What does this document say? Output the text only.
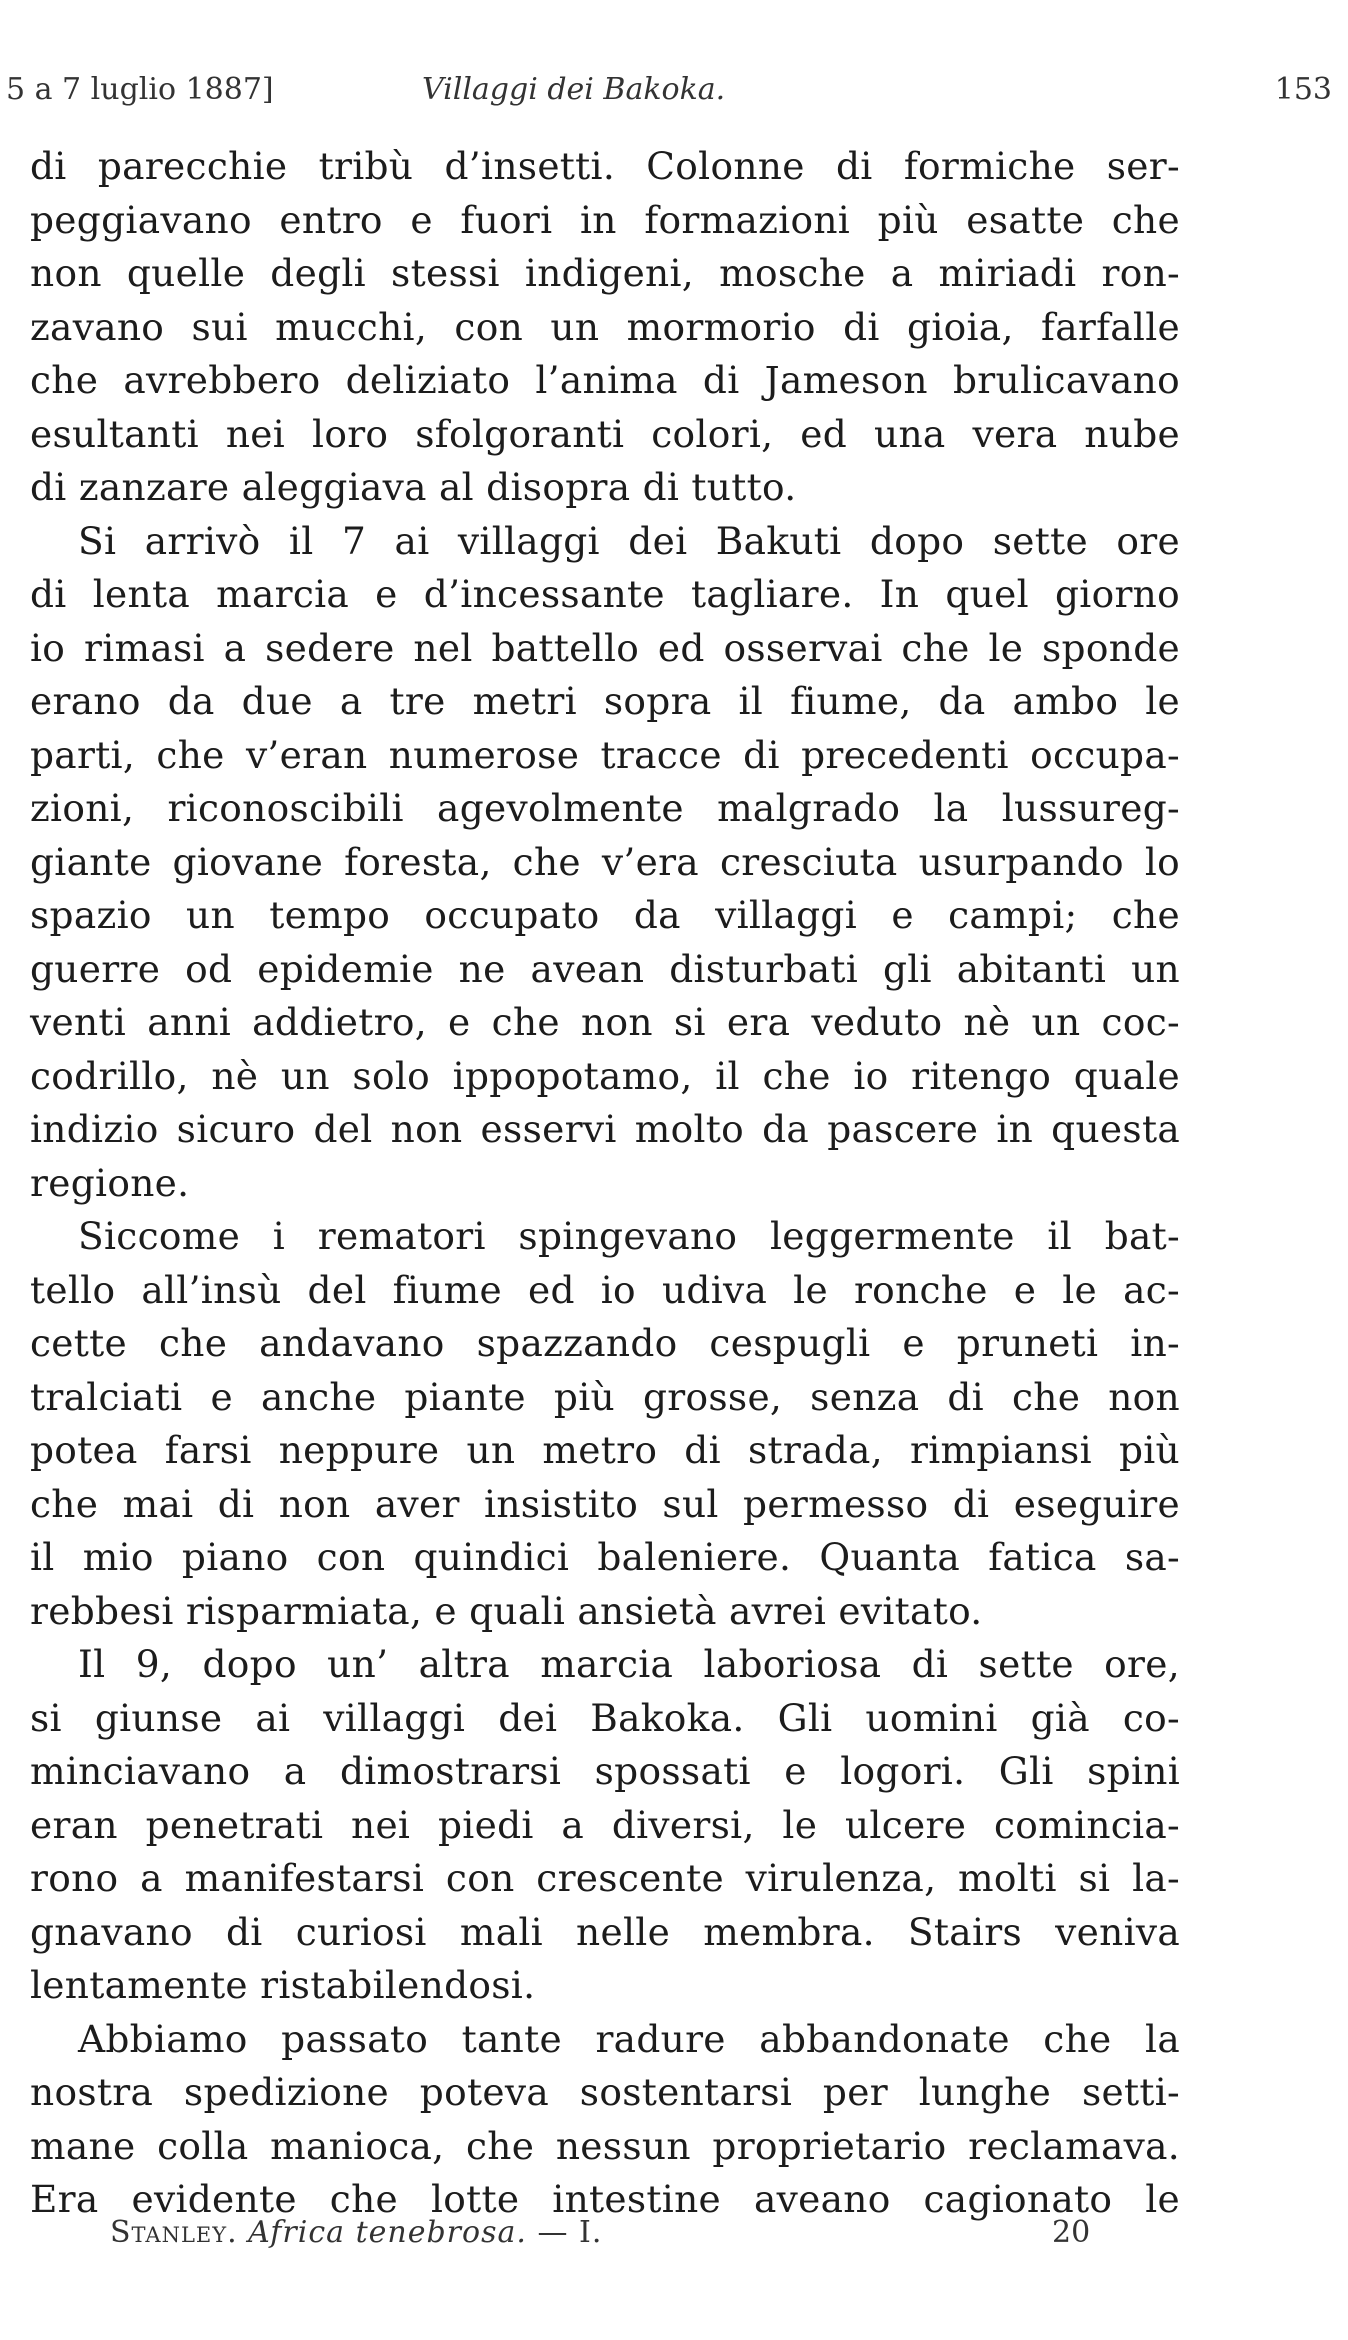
5 a 7 luglio 1887]	Villaggi dei Bakoka.	153
di parecchie tribù d’insetti. Colonne di formiche ser-
peggiavano entro e fuori in formazioni più esatte che
non quelle degli stessi indigeni, mosche a miriadi ron-
zavano sui mucchi, con un mormorio di gioia, farfalle
che avrebbero deliziato l’anima di Jameson brulicavano
esultanti nei loro sfolgoranti colori, ed una vera nube
di zanzare aleggiava al disopra di tutto.
Si arrivò il 7 ai villaggi dei Bakuti dopo sette ore
di lenta marcia e d’incessante tagliare. In quel giorno
io rimasi a sedere nel battello ed osservai che le sponde
erano da due a tre metri sopra il fiume, da ambo le
parti, che v’eran numerose tracce di precedenti occupa-
zioni, riconoscibili agevolmente malgrado la lussureg-
giante giovane foresta, che v’era cresciuta usurpando lo
spazio un tempo occupato da villaggi e campi; che
guerre od epidemie ne avean disturbati gli abitanti un
venti anni addietro, e che non si era veduto nè un coc-
codrillo, nè un solo ippopotamo, il che io ritengo quale
indizio sicuro del non esservi molto da pascere in questa
regione.
Siccome i rematori spingevano leggermente il bat-
tello all’insù del fiume ed io udiva le ronche e le ac-
cette che andavano spazzando cespugli e pruneti in-
tralciati e anche piante più grosse, senza di che non
potea farsi neppure un metro di strada, rimpiansi più
che mai di non aver insistito sul permesso di eseguire
il mio piano con quindici baleniere. Quanta fatica sa-
rebbesi risparmiata, e quali ansietà avrei evitato.
Il 9, dopo un’ altra marcia laboriosa di sette ore,
si giunse ai villaggi dei Bakoka. Gli uomini già co-
minciavano a dimostrarsi spossati e logori. Gli spini
eran penetrati nei piedi a diversi, le ulcere comincia-
rono a manifestarsi con crescente virulenza, molti si la-
gnavano di curiosi mali nelle membra. Stairs veniva
lentamente ristabilendosi.
Abbiamo passato tante radure abbandonate che la
nostra spedizione poteva sostentarsi per lunghe setti-
mane colla manioca, che nessun proprietario reclamava.
Era evidente che lotte intestine aveano cagionato le
Stanley. Africa tenebrosa. — I.	20
